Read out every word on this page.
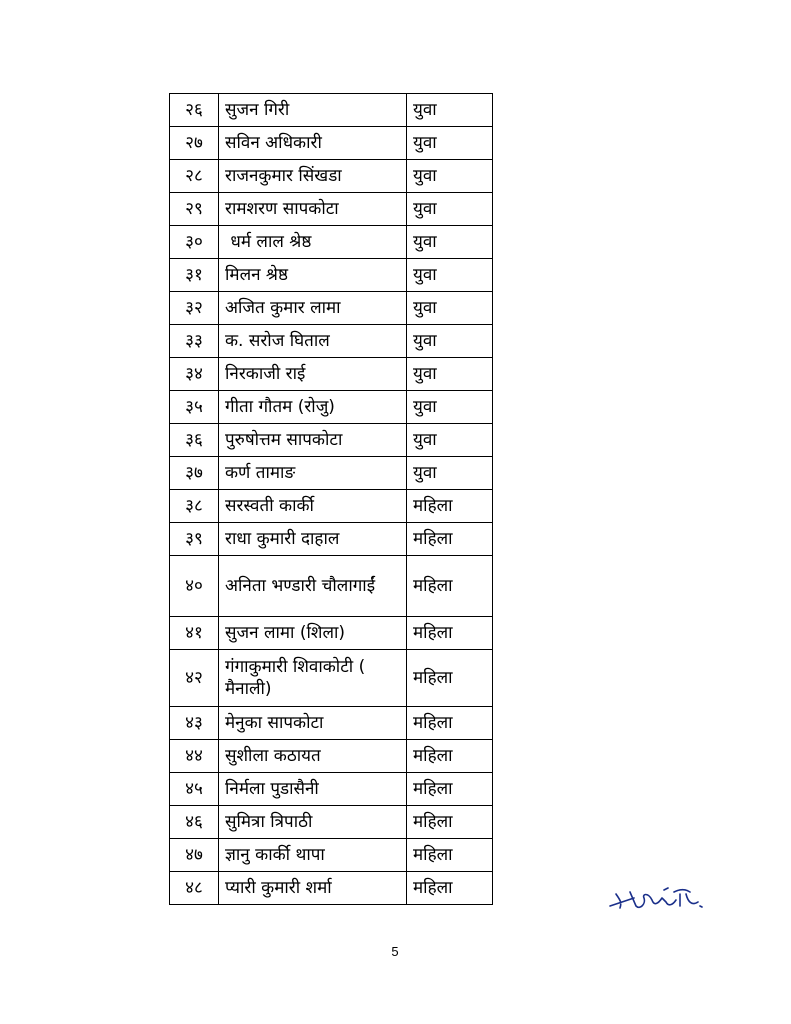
२६	सुजन गिरी	युवा
२७	सविन अधिकारी	युवा
२८	राजनकुमार सिंखडा	युवा
२९	रामशरण सापकोटा	युवा
३०	धर्म लाल श्रेष्ठ	युवा
३१	मिलन श्रेष्ठ	युवा
३२	अजित कुमार लामा	युवा
३३	क. सरोज घिताल	युवा
३४	निरकाजी राई	युवा
३५	गीता गौतम (रोजु)	युवा
३६	पुरुषोत्तम सापकोटा	युवा
३७	कर्ण तामाङ	युवा
३८	सरस्वती कार्की	महिला
३९	राधा कुमारी दाहाल	महिला
४०	अनिता भण्डारी चौलागाईं	महिला
४१	सुजन लामा (शिला)	महिला
४२	गंगाकुमारी शिवाकोटी ( मैनाली)	महिला
४३	मेनुका सापकोटा	महिला
४४	सुशीला कठायत	महिला
४५	निर्मला पुडासैनी	महिला
४६	सुमित्रा त्रिपाठी	महिला
४७	ज्ञानु कार्की थापा	महिला
४८	प्यारी कुमारी शर्मा	महिला
5
